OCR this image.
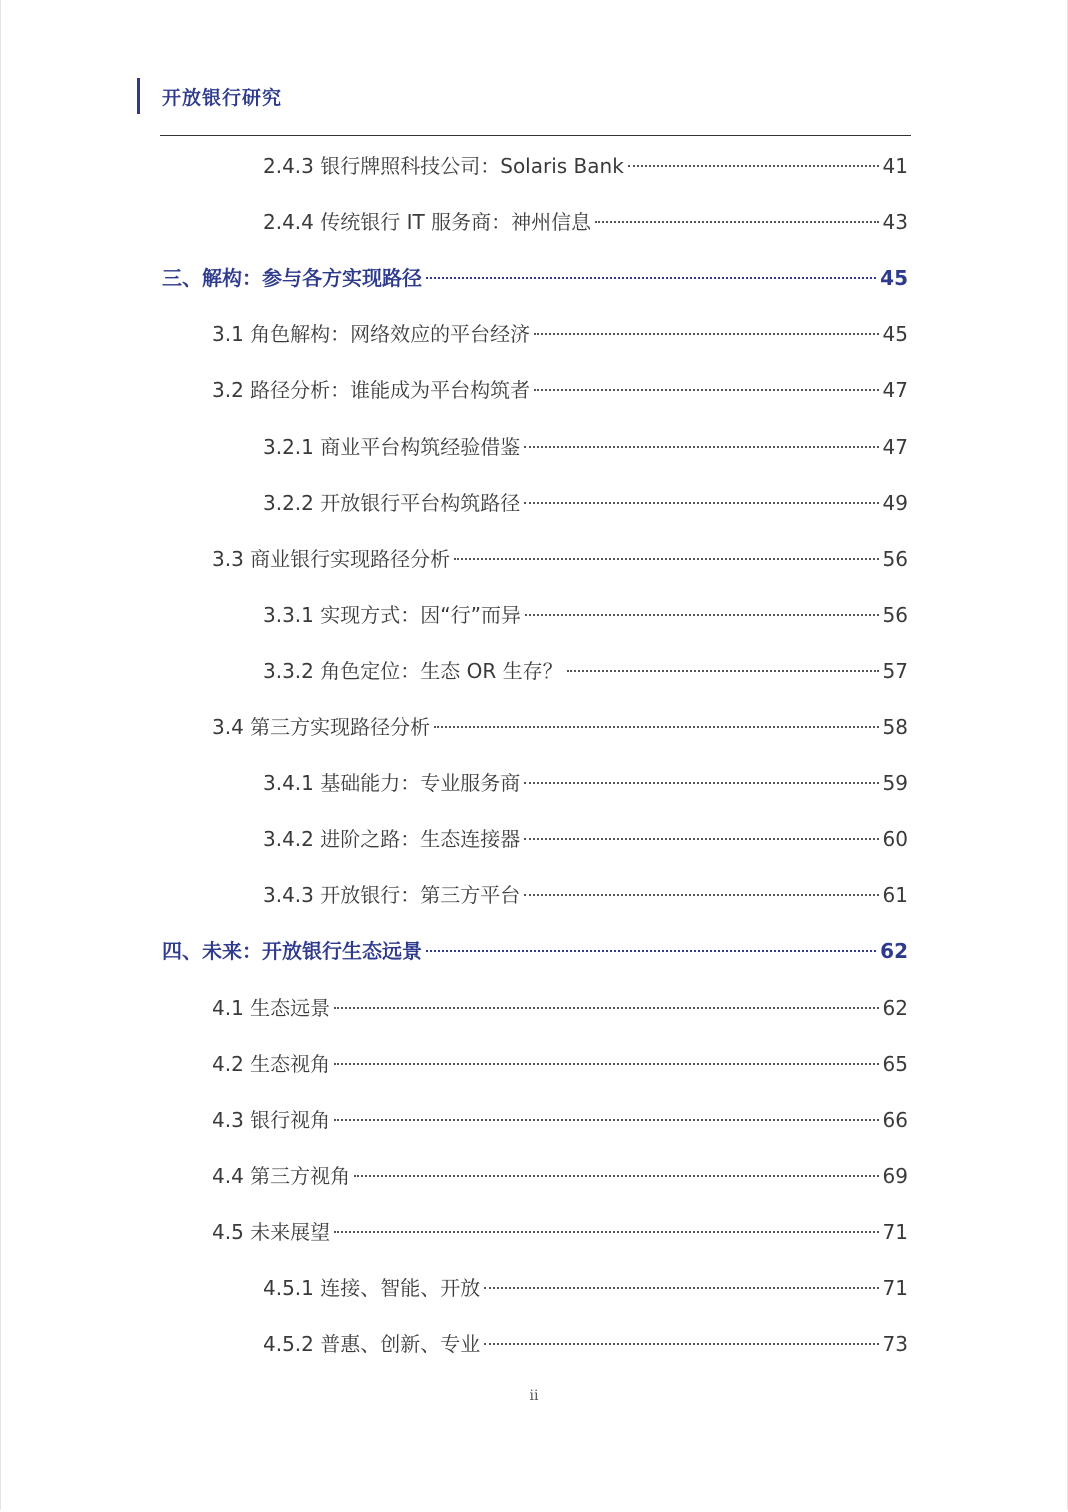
开放银行研究
2.4.3 银行牌照科技公司：Solaris Bank	41
2.4.4 传统银行 IT 服务商：神州信息	43
三、解构：参与各方实现路径	45
3.1 角色解构：网络效应的平台经济	45
3.2 路径分析：谁能成为平台构筑者	47
3.2.1 商业平台构筑经验借鉴	47
3.2.2 开放银行平台构筑路径	49
3.3 商业银行实现路径分析	56
3.3.1 实现方式：因“行”而异	56
3.3.2 角色定位：生态 OR 生存？	57
3.4 第三方实现路径分析	58
3.4.1 基础能力：专业服务商	59
3.4.2 进阶之路：生态连接器	60
3.4.3 开放银行：第三方平台	61
四、未来：开放银行生态远景	62
4.1 生态远景	62
4.2 生态视角	65
4.3 银行视角	66
4.4 第三方视角	69
4.5 未来展望	71
4.5.1 连接、智能、开放	71
4.5.2 普惠、创新、专业	73
ii
